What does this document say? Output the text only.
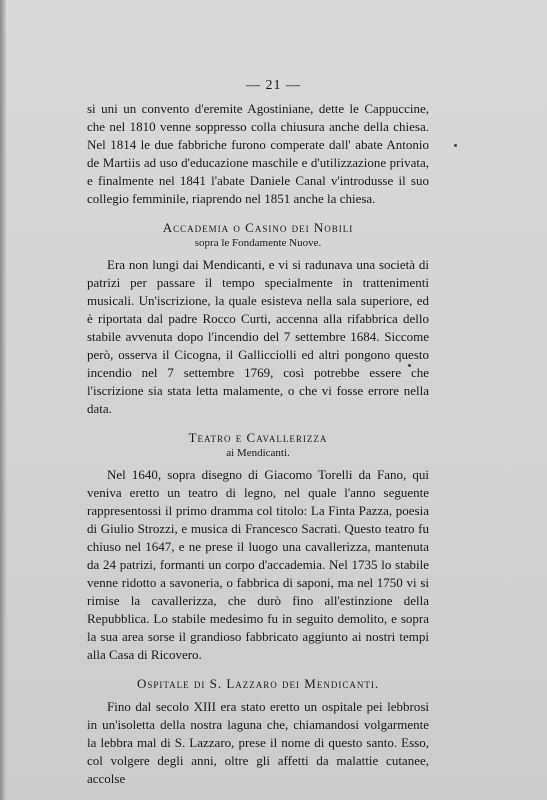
— 21 —

si uni un convento d'eremite Agostiniane, dette le Cappuccine, che nel 1810 venne soppresso colla chiusura anche della chiesa. Nel 1814 le due fabbriche furono comperate dall' abate Antonio de Martiis ad uso d'educazione maschile e d'utilizzazione privata, e finalmente nel 1841 l'abate Daniele Canal v'introdusse il suo collegio femminile, riaprendo nel 1851 anche la chiesa.

Accademia o Casino dei Nobili
sopra le Fondamente Nuove.

Era non lungi dai Mendicanti, e vi si radunava una società di patrizi per passare il tempo specialmente in trattenimenti musicali. Un'iscrizione, la quale esisteva nella sala superiore, ed è riportata dal padre Rocco Curti, accenna alla rifabbrica dello stabile avvenuta dopo l'incendio del 7 settembre 1684. Siccome però, osserva il Cicogna, il Gallicciolli ed altri pongono questo incendio nel 7 settembre 1769, così potrebbe essere che l'iscrizione sia stata letta malamente, o che vi fosse errore nella data.

Teatro e Cavallerizza
ai Mendicanti.

Nel 1640, sopra disegno di Giacomo Torelli da Fano, qui veniva eretto un teatro di legno, nel quale l'anno seguente rappresentossi il primo dramma col titolo: La Finta Pazza, poesia di Giulio Strozzi, e musica di Francesco Sacrati. Questo teatro fu chiuso nel 1647, e ne prese il luogo una cavallerizza, mantenuta da 24 patrizi, formanti un corpo d'accademia. Nel 1735 lo stabile venne ridotto a savoneria, o fabbrica di saponi, ma nel 1750 vi si rimise la cavallerizza, che durò fino all'estinzione della Repubblica. Lo stabile medesimo fu in seguito demolito, e sopra la sua area sorse il grandioso fabbricato aggiunto ai nostri tempi alla Casa di Ricovero.

Ospitale di S. Lazzaro dei Mendicanti.

Fino dal secolo XIII era stato eretto un ospitale pei lebbrosi in un'isoletta della nostra laguna che, chiamandosi volgarmente la lebbra mal di S. Lazzaro, prese il nome di questo santo. Esso, col volgere degli anni, oltre gli affetti da malattie cutanee, accolse
